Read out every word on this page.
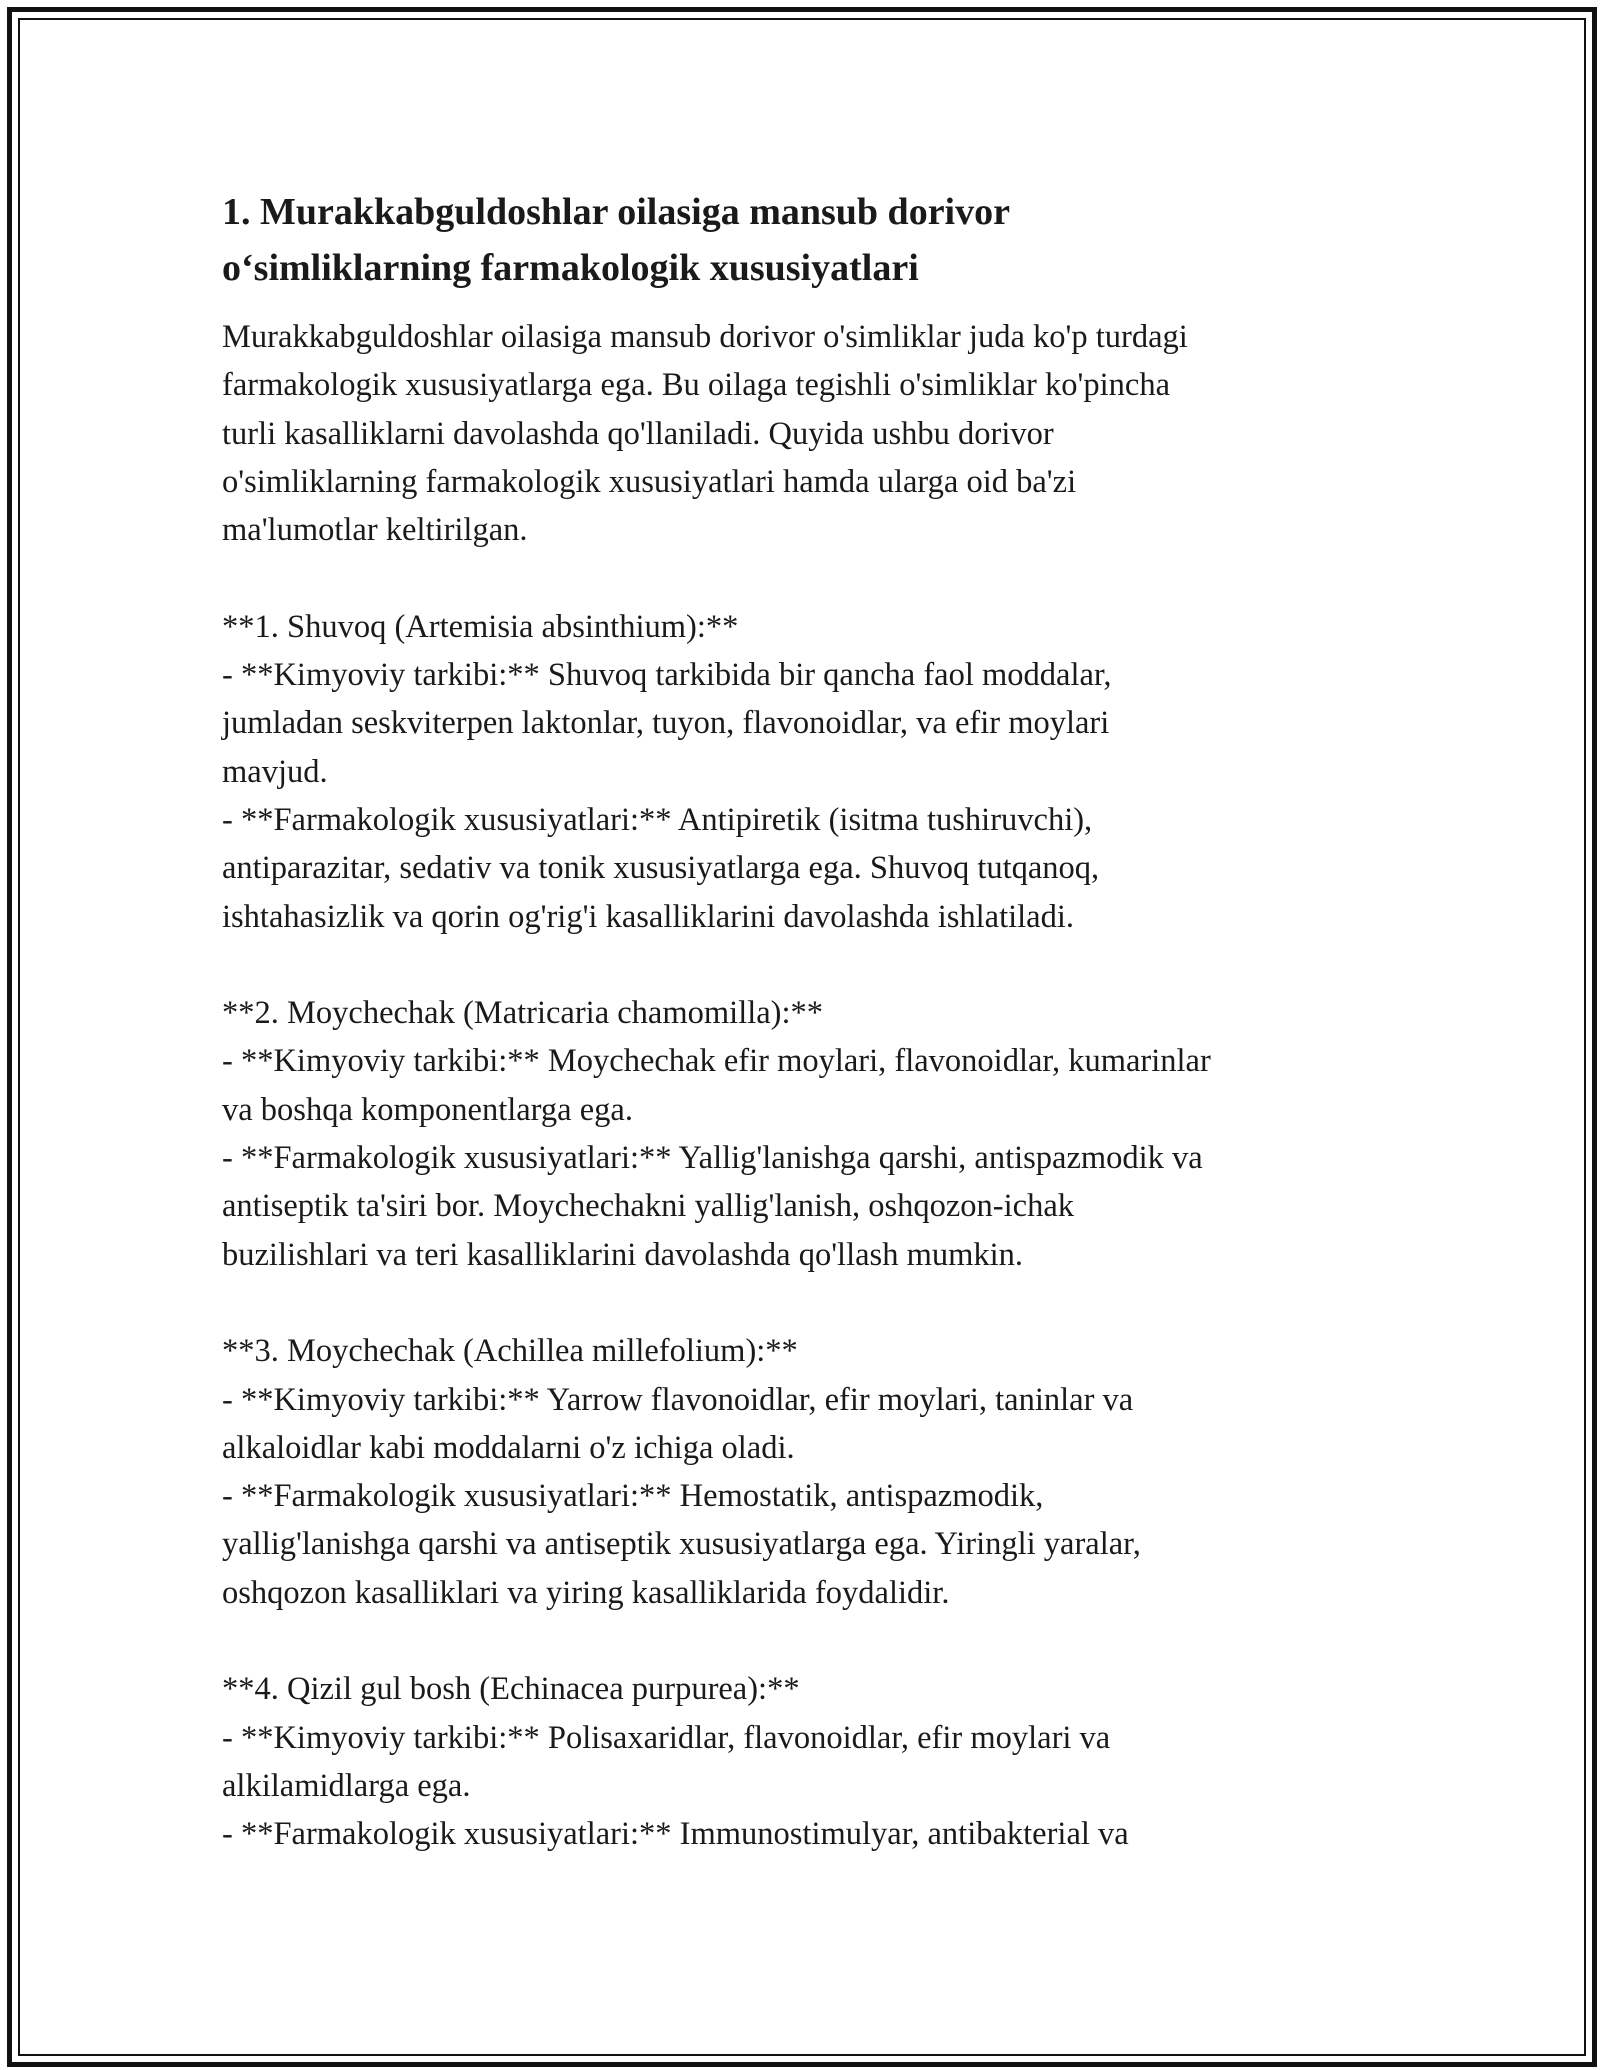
1. Murakkabguldoshlar oilasiga mansub dorivor
o‘simliklarning farmakologik xususiyatlari
Murakkabguldoshlar oilasiga mansub dorivor o'simliklar juda ko'p turdagi
farmakologik xususiyatlarga ega. Bu oilaga tegishli o'simliklar ko'pincha
turli kasalliklarni davolashda qo'llaniladi. Quyida ushbu dorivor
o'simliklarning farmakologik xususiyatlari hamda ularga oid ba'zi
ma'lumotlar keltirilgan.

**1. Shuvoq (Artemisia absinthium):**
- **Kimyoviy tarkibi:** Shuvoq tarkibida bir qancha faol moddalar,
jumladan seskviterpen laktonlar, tuyon, flavonoidlar, va efir moylari
mavjud.
- **Farmakologik xususiyatlari:** Antipiretik (isitma tushiruvchi),
antiparazitar, sedativ va tonik xususiyatlarga ega. Shuvoq tutqanoq,
ishtahasizlik va qorin og'rig'i kasalliklarini davolashda ishlatiladi.

**2. Moychechak (Matricaria chamomilla):**
- **Kimyoviy tarkibi:** Moychechak efir moylari, flavonoidlar, kumarinlar
va boshqa komponentlarga ega.
- **Farmakologik xususiyatlari:** Yallig'lanishga qarshi, antispazmodik va
antiseptik ta'siri bor. Moychechakni yallig'lanish, oshqozon-ichak
buzilishlari va teri kasalliklarini davolashda qo'llash mumkin.

**3. Moychechak (Achillea millefolium):**
- **Kimyoviy tarkibi:** Yarrow flavonoidlar, efir moylari, taninlar va
alkaloidlar kabi moddalarni o'z ichiga oladi.
- **Farmakologik xususiyatlari:** Hemostatik, antispazmodik,
yallig'lanishga qarshi va antiseptik xususiyatlarga ega. Yiringli yaralar,
oshqozon kasalliklari va yiring kasalliklarida foydalidir.

**4. Qizil gul bosh (Echinacea purpurea):**
- **Kimyoviy tarkibi:** Polisaxaridlar, flavonoidlar, efir moylari va
alkilamidlarga ega.
- **Farmakologik xususiyatlari:** Immunostimulyar, antibakterial va
